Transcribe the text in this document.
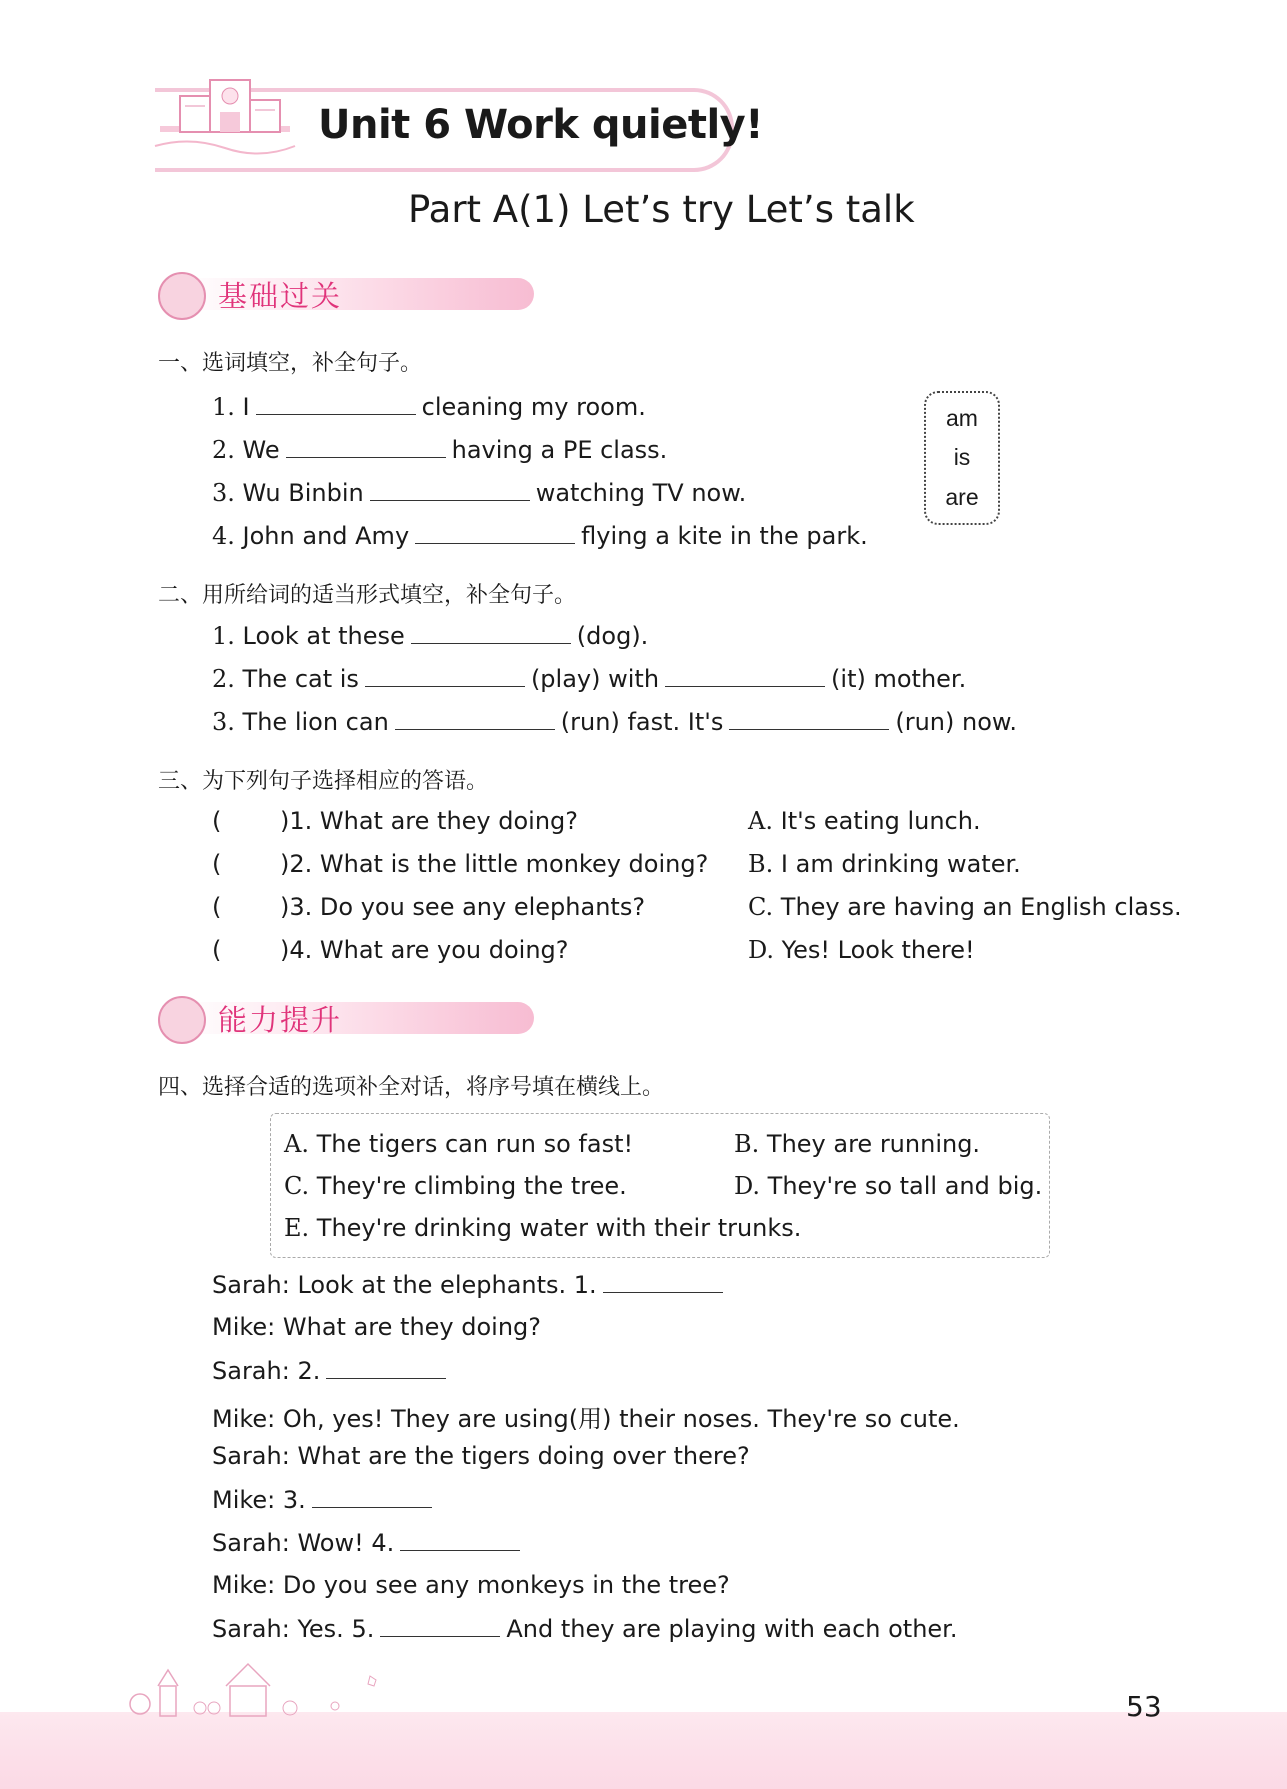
Unit 6 Work quietly!
Part A(1) Let’s try Let’s talk
基础过关
一、选词填空，补全句子。
1. I	cleaning my room.
2. We	having a PE class.
3. Wu Binbin	watching TV now.
4. John and Amy	flying a kite in the park.
am
is
are
二、用所给词的适当形式填空，补全句子。
1. Look at these	(dog).
2. The cat is	(play) with	(it) mother.
3. The lion can	(run) fast. It's	(run) now.
三、为下列句子选择相应的答语。
( )1. What are they doing?
( )2. What is the little monkey doing?
( )3. Do you see any elephants?
( )4. What are you doing?
A. It's eating lunch.
B. I am drinking water.
C. They are having an English class.
D. Yes! Look there!
能力提升
四、选择合适的选项补全对话，将序号填在横线上。
A. The tigers can run so fast!	B. They are running.
C. They're climbing the tree.	D. They're so tall and big.
E. They're drinking water with their trunks.
Sarah: Look at the elephants. 1.
Mike: What are they doing?
Sarah: 2.
Mike: Oh, yes! They are using(用) their noses. They're so cute.
Sarah: What are the tigers doing over there?
Mike: 3.
Sarah: Wow! 4.
Mike: Do you see any monkeys in the tree?
Sarah: Yes. 5.	And they are playing with each other.
53
